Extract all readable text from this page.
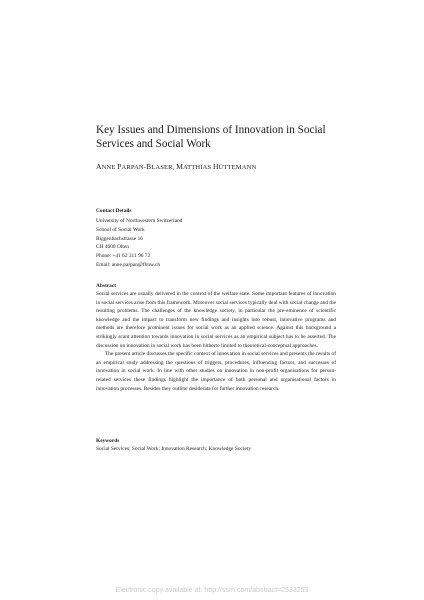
Key Issues and Dimensions of Innovation in Social Services and Social Work

ANNE PARPAN-BLASER, MATTHIAS HÜTTEMANN

Contact Details
University of Northwestern Switzerland
School of Social Work
Riggenbachstrasse 16
CH 4600 Olten
Phone: +41 62 311 96 72
Email: anne.parpan@fhnw.ch
Abstract

Social services are usually delivered in the context of the welfare state. Some important features of innovation in social services arise from this framework. Moreover social services typically deal with social change and the resulting problems. The challenges of the knowledge society, in particular the pre-eminence of scientific knowledge and the impact to transform new findings and insights into robust, innovative programs and methods are therefore prominent issues for social work as an applied science. Against this background a strikingly scant attention towards innovation in social services as an empirical subject has to be asserted. The discussion on innovation in social work has been hitherto limited to theoretical-conceptual approaches.

The present article discusses the specific context of innovation in social services and presents the results of an empirical study addressing the questions of triggers, procedures, influencing factors, and successes of innovation in social work. In line with other studies on innovation in non-profit organisations for person-related services these findings highlight the importance of both personal and organisational factors in innovation processes. Besides they outline desiderata for further innovation research.

Keywords

Social Services; Social Work; Innovation Research; Knowledge Society

Electronic copy available at: http://ssrn.com/abstract=2533253
